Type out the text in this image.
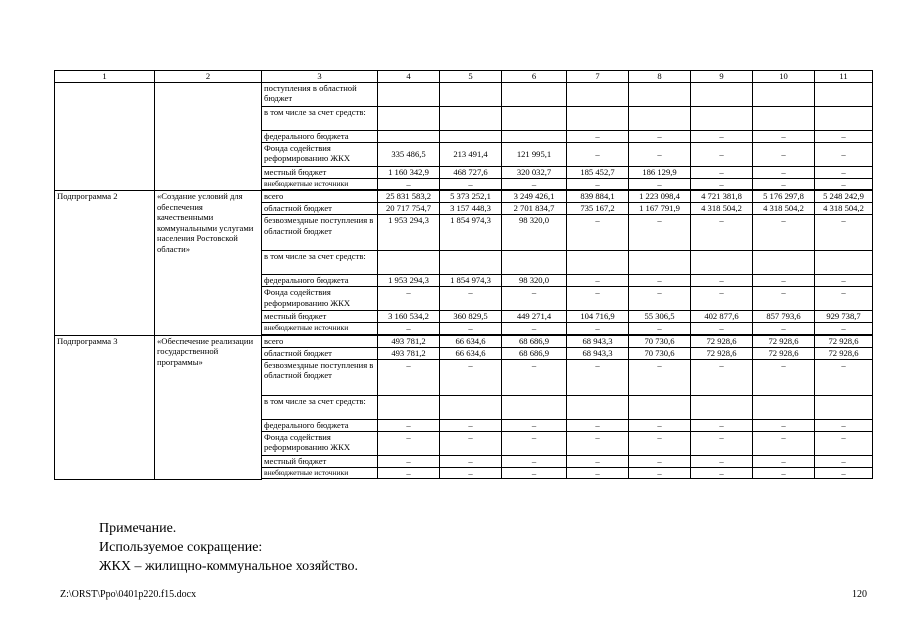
1	2	3	4	5	6	7	8	9	10	11
		поступления в областной бюджет								
		в том числе за счет средств:								
		федерального бюджета				–	–	–	–	–
		Фонда содействия реформированию ЖКХ	335 486,5	213 491,4	121 995,1	–	–	–	–	–
		местный бюджет	1 160 342,9	468 727,6	320 032,7	185 452,7	186 129,9	–	–	–
		внебюджетные источники	–	–	–	–	–	–	–	–

Подпрограмма 2	«Создание условий для обеспечения качественными коммунальными услугами населения Ростовской области»	всего	25 831 583,2	5 373 252,1	3 249 426,1	839 884,1	1 223 098,4	4 721 381,8	5 176 297,8	5 248 242,9
		областной бюджет	20 717 754,7	3 157 448,3	2 701 834,7	735 167,2	1 167 791,9	4 318 504,2	4 318 504,2	4 318 504,2
		безвозмездные поступления в областной бюджет	1 953 294,3	1 854 974,3	98 320,0	–	–	–	–	–
		в том числе за счет средств:								
		федерального бюджета	1 953 294,3	1 854 974,3	98 320,0	–	–	–	–	–
		Фонда содействия реформированию ЖКХ	–	–	–	–	–	–	–	–
		местный бюджет	3 160 534,2	360 829,5	449 271,4	104 716,9	55 306,5	402 877,6	857 793,6	929 738,7
		внебюджетные источники	–	–	–	–	–	–	–	–

Подпрограмма 3	«Обеспечение реализации государственной программы»	всего	493 781,2	66 634,6	68 686,9	68 943,3	70 730,6	72 928,6	72 928,6	72 928,6
		областной бюджет	493 781,2	66 634,6	68 686,9	68 943,3	70 730,6	72 928,6	72 928,6	72 928,6
		безвозмездные поступления в областной бюджет	–	–	–	–	–	–	–	–
		в том числе за счет средств:								
		федерального бюджета	–	–	–	–	–	–	–	–
		Фонда содействия реформированию ЖКХ	–	–	–	–	–	–	–	–
		местный бюджет	–	–	–	–	–	–	–	–
		внебюджетные источники	–	–	–	–	–	–	–	–

Примечание.
Используемое сокращение:
ЖКХ – жилищно-коммунальное хозяйство.
Z:\ORST\Ppo\0401p220.f15.docx	120
